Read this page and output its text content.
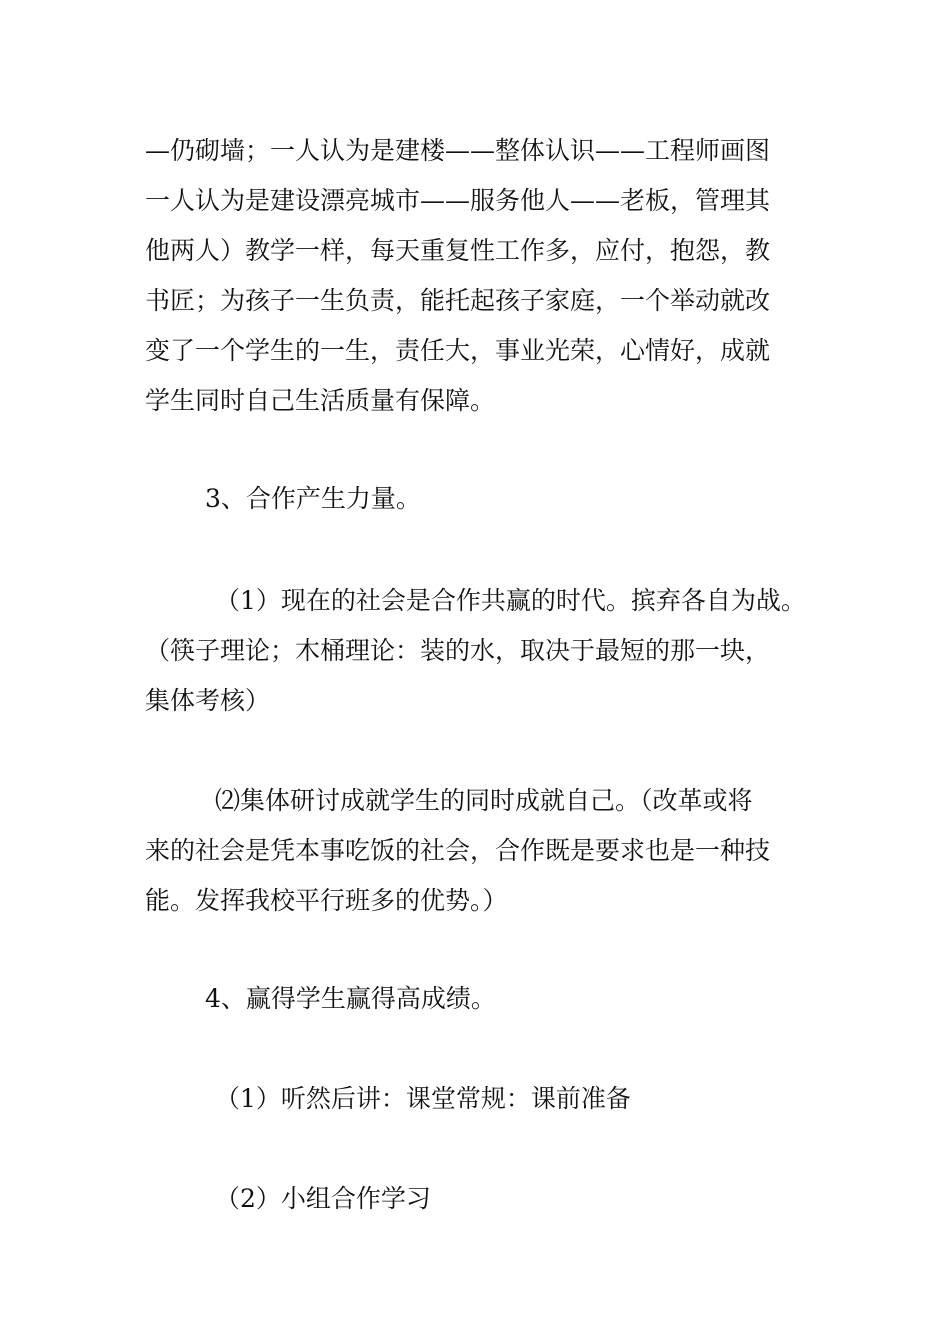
—仍砌墙；一人认为是建楼——整体认识——工程师画图
一人认为是建设漂亮城市——服务他人——老板，管理其
他两人）教学一样，每天重复性工作多，应付，抱怨，教
书匠；为孩子一生负责，能托起孩子家庭，一个举动就改
变了一个学生的一生，责任大，事业光荣，心情好，成就
学生同时自己生活质量有保障。
3、合作产生力量。
（1）现在的社会是合作共赢的时代。摈弃各自为战。
（筷子理论；木桶理论：装的水，取决于最短的那一块，
集体考核）
⑵集体研讨成就学生的同时成就自己。（改革或将
来的社会是凭本事吃饭的社会，合作既是要求也是一种技
能。发挥我校平行班多的优势。）
4、赢得学生赢得高成绩。
（1）听然后讲：课堂常规：课前准备
（2）小组合作学习
